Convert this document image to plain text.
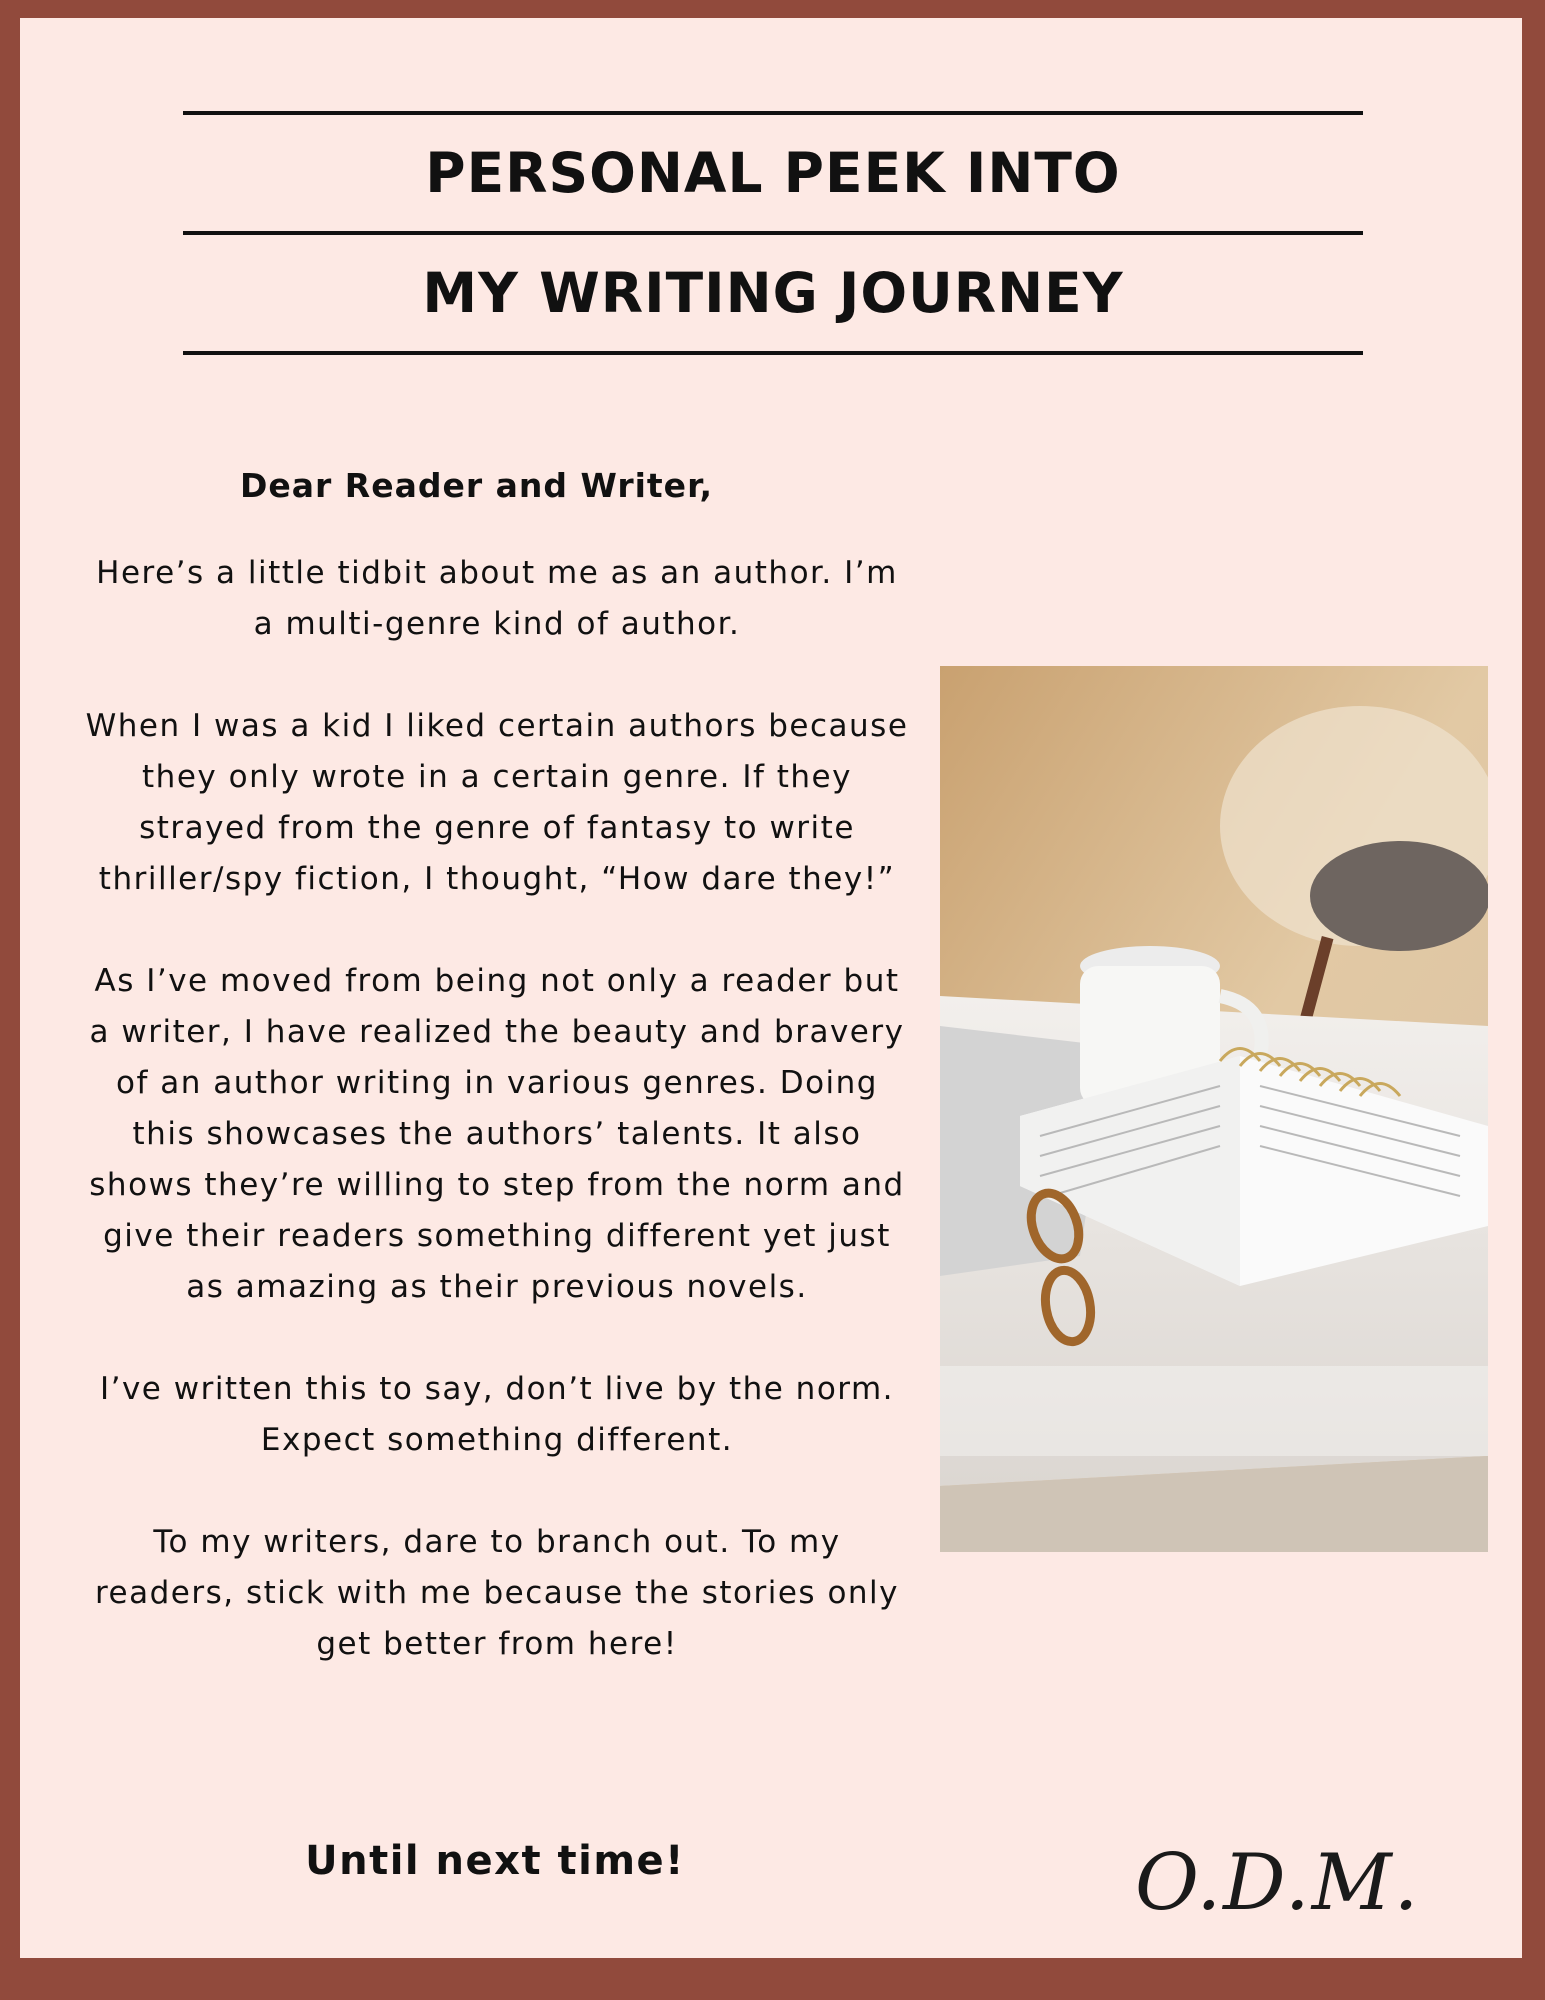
PERSONAL PEEK INTO
MY WRITING JOURNEY
Dear Reader and Writer,

Here’s a little tidbit about me as an author. I’m a multi-genre kind of author.

When I was a kid I liked certain authors because they only wrote in a certain genre. If they strayed from the genre of fantasy to write thriller/spy fiction, I thought, “How dare they!”

As I’ve moved from being not only a reader but a writer, I have realized the beauty and bravery of an author writing in various genres. Doing this showcases the authors’ talents. It also shows they’re willing to step from the norm and give their readers something different yet just as amazing as their previous novels.

I’ve written this to say, don’t live by the norm. Expect something different.

To my writers, dare to branch out. To my readers, stick with me because the stories only get better from here!

Until next time!	O.D.M.
